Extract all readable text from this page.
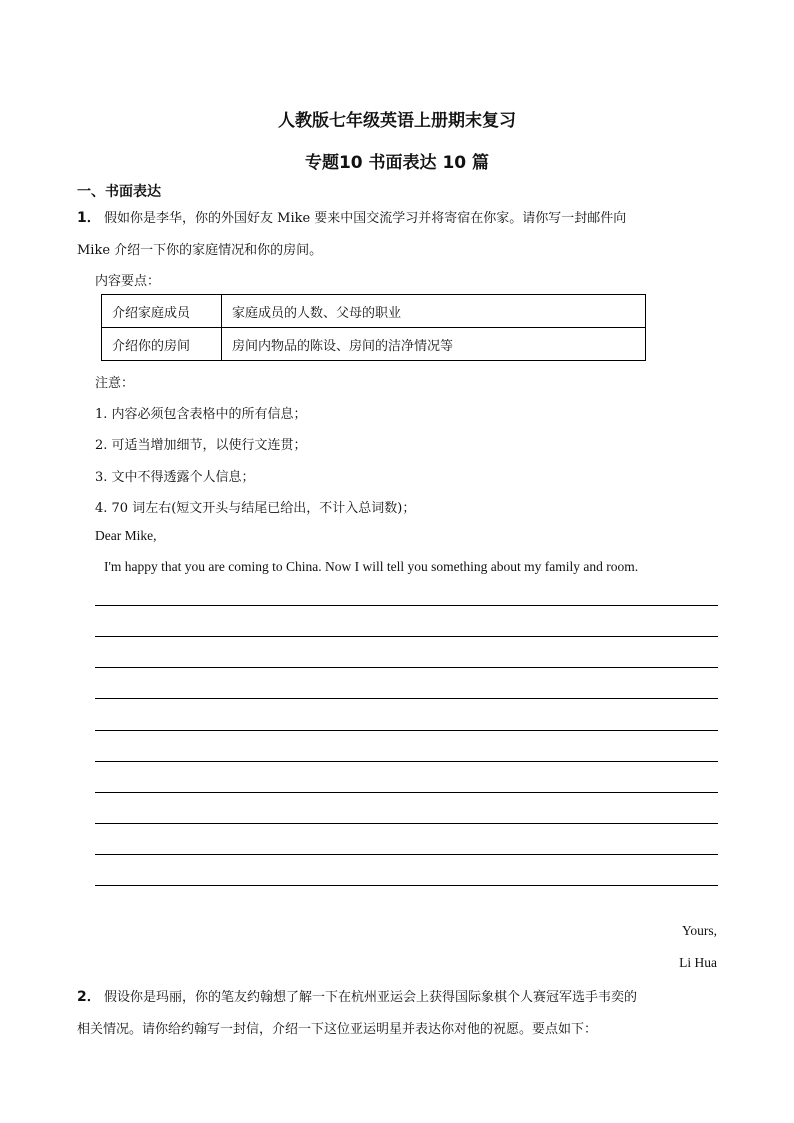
人教版七年级英语上册期末复习
专题10 书面表达 10 篇
一、书面表达
1． 假如你是李华，你的外国好友 Mike 要来中国交流学习并将寄宿在你家。请你写一封邮件向
Mike 介绍一下你的家庭情况和你的房间。
内容要点：
介绍家庭成员	家庭成员的人数、父母的职业
介绍你的房间	房间内物品的陈设、房间的洁净情况等
注意：
1. 内容必须包含表格中的所有信息；
2. 可适当增加细节，以使行文连贯；
3. 文中不得透露个人信息；
4. 70 词左右(短文开头与结尾已给出，不计入总词数)；
Dear Mike,
I'm happy that you are coming to China. Now I will tell you something about my family and room.
Yours,
Li Hua
2． 假设你是玛丽，你的笔友约翰想了解一下在杭州亚运会上获得国际象棋个人赛冠军选手韦奕的
相关情况。请你给约翰写一封信，介绍一下这位亚运明星并表达你对他的祝愿。要点如下：
